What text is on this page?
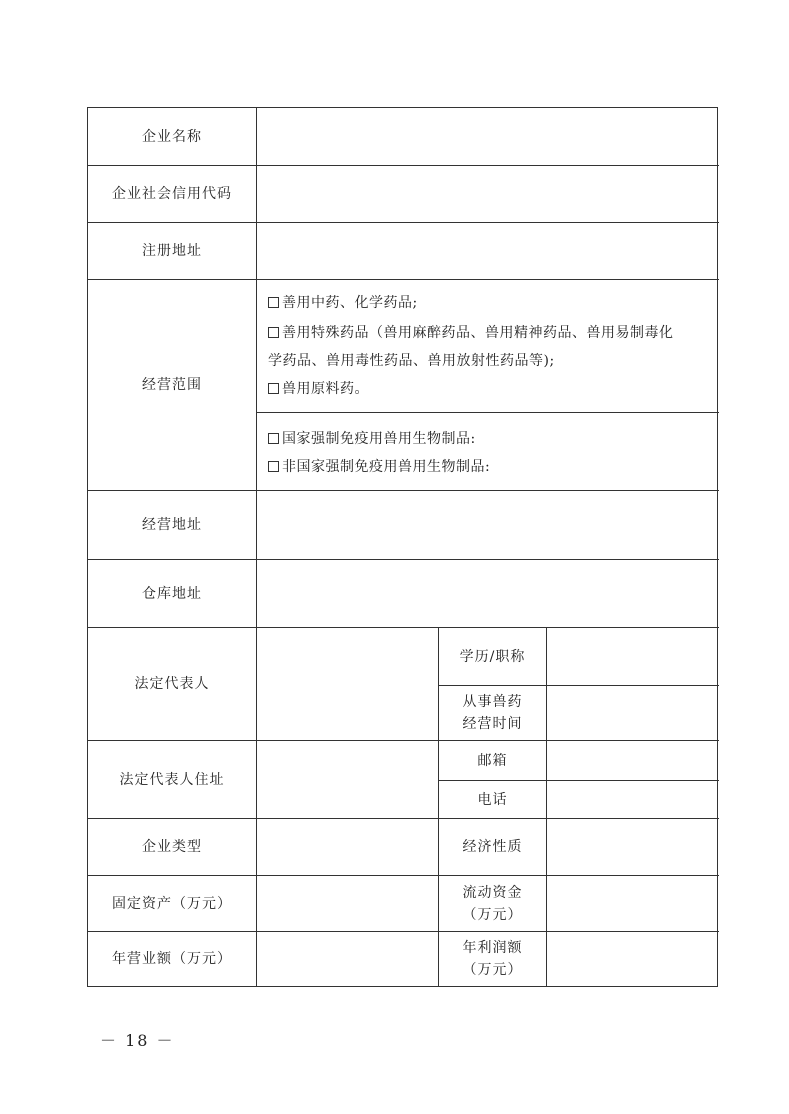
企业名称
企业社会信用代码
注册地址
经营范围
善用中药、化学药品;
善用特殊药品（兽用麻醉药品、兽用精神药品、兽用易制毒化
学药品、兽用毒性药品、兽用放射性药品等);
兽用原料药。
国家强制免疫用兽用生物制品:
非国家强制免疫用兽用生物制品:
经营地址
仓库地址
法定代表人
学历/职称
从事兽药
经营时间
法定代表人住址
邮箱
电话
企业类型	经济性质
固定资产（万元）
流动资金
（万元）
年营业额（万元）
年利润额
（万元）
－ 18 －
